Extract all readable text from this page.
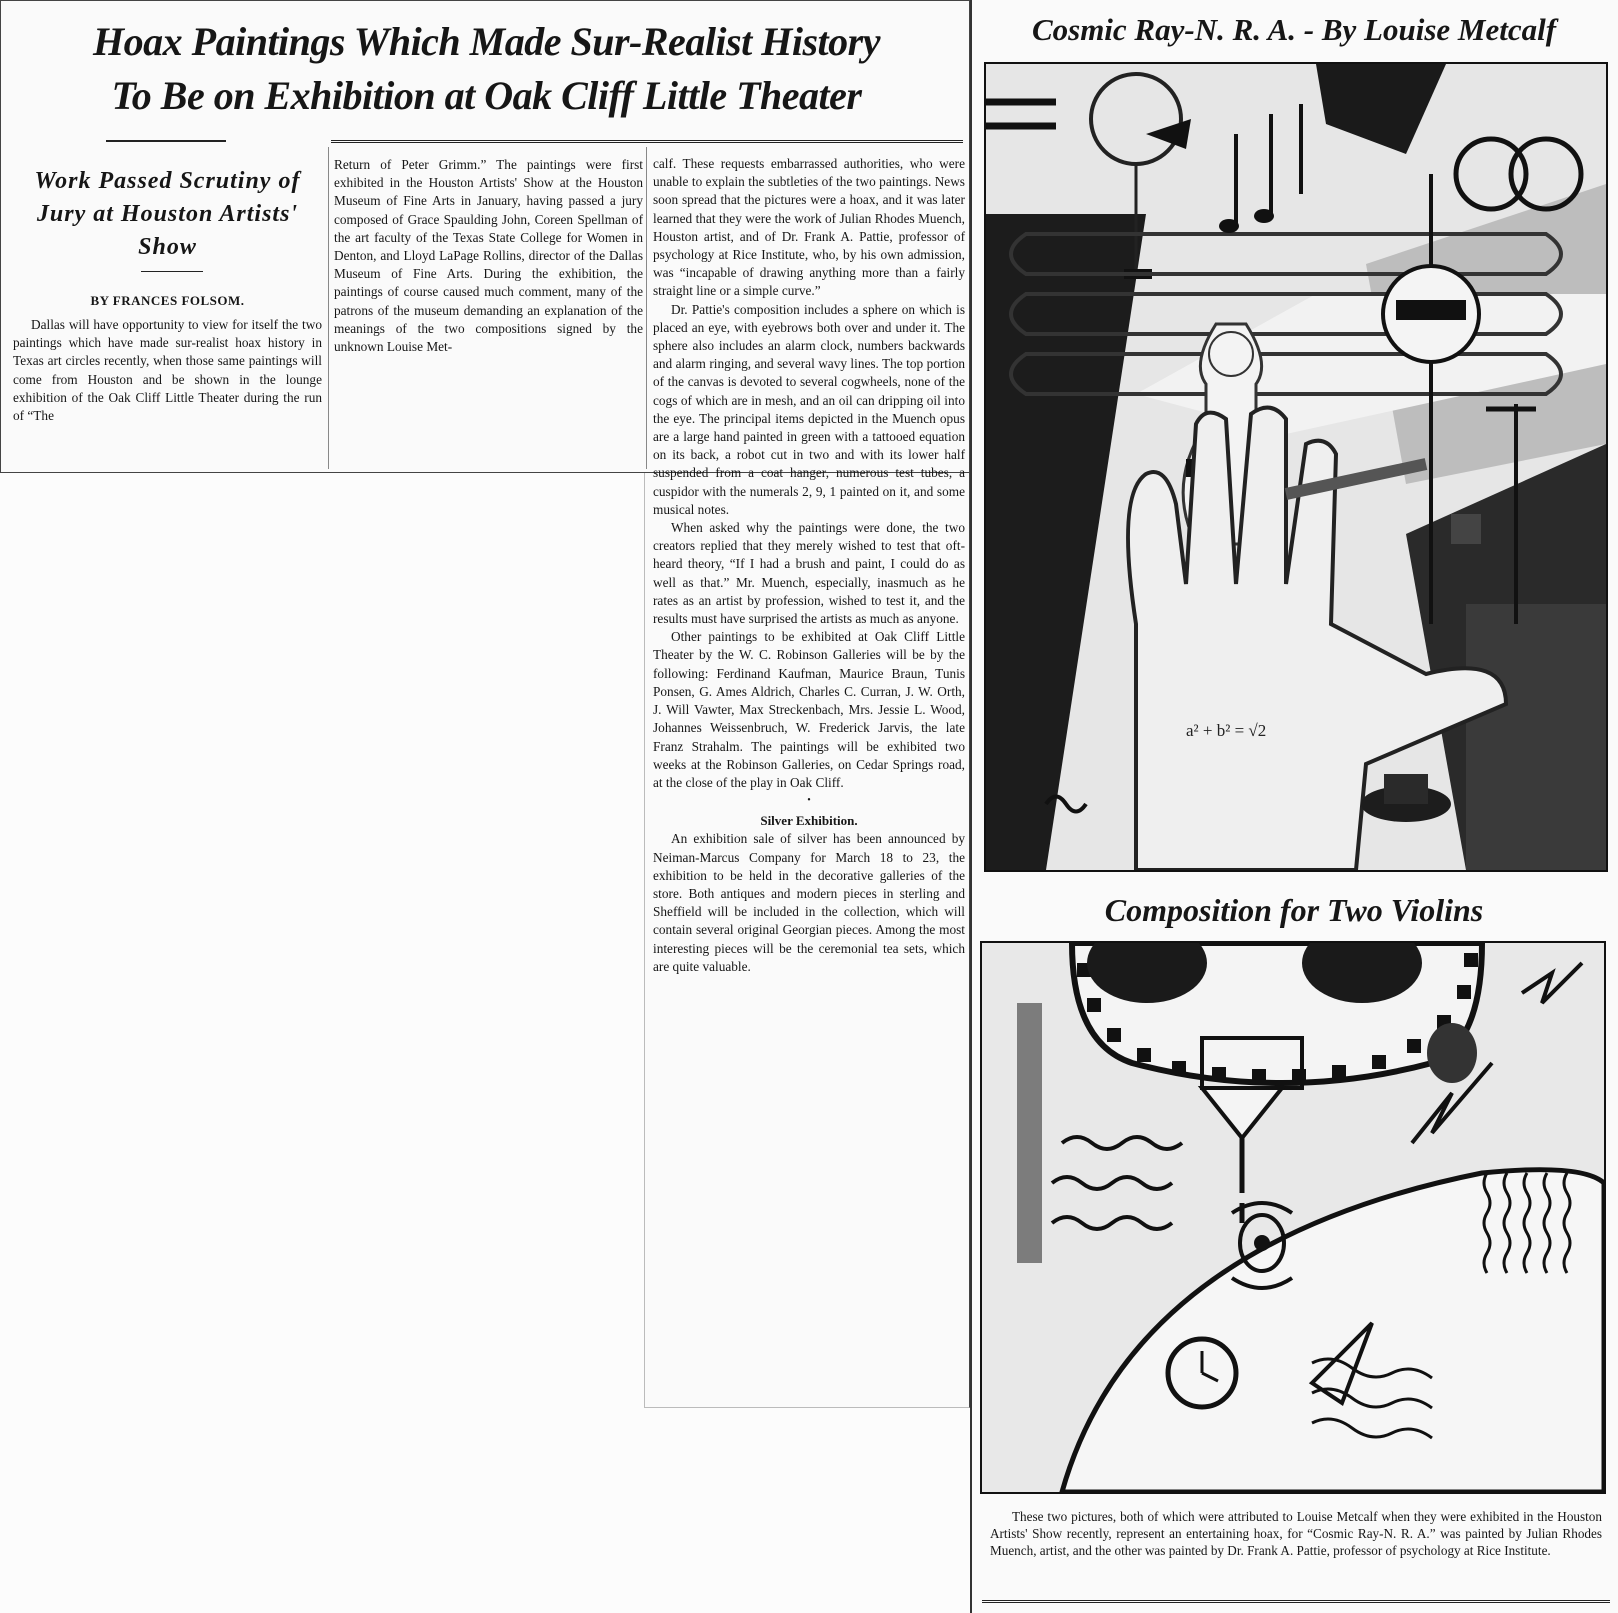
Hoax Paintings Which Made Sur-Realist History
To Be on Exhibition at Oak Cliff Little Theater
Work Passed Scrutiny of Jury at Houston Artists' Show
BY FRANCES FOLSOM.

Dallas will have opportunity to view for itself the two paintings which have made sur-realist hoax history in Texas art circles recently, when those same paintings will come from Houston and be shown in the lounge exhibition of the Oak Cliff Little Theater during the run of “The

Return of Peter Grimm.” The paintings were first exhibited in the Houston Artists' Show at the Houston Museum of Fine Arts in January, having passed a jury composed of Grace Spaulding John, Coreen Spellman of the art faculty of the Texas State College for Women in Denton, and Lloyd LaPage Rollins, director of the Dallas Museum of Fine Arts. During the exhibition, the paintings of course caused much comment, many of the patrons of the museum demanding an explanation of the meanings of the two compositions signed by the unknown Louise Met-

calf. These requests embarrassed authorities, who were unable to explain the subtleties of the two paintings. News soon spread that the pictures were a hoax, and it was later learned that they were the work of Julian Rhodes Muench, Houston artist, and of Dr. Frank A. Pattie, professor of psychology at Rice Institute, who, by his own admission, was “incapable of drawing anything more than a fairly straight line or a simple curve.”

Dr. Pattie's composition includes a sphere on which is placed an eye, with eyebrows both over and under it. The sphere also includes an alarm clock, numbers backwards and alarm ringing, and several wavy lines. The top portion of the canvas is devoted to several cogwheels, none of the cogs of which are in mesh, and an oil can dripping oil into the eye. The principal items depicted in the Muench opus are a large hand painted in green with a tattooed equation on its back, a robot cut in two and with its lower half suspended from a coat hanger, numerous test tubes, a cuspidor with the numerals 2, 9, 1 painted on it, and some musical notes.

When asked why the paintings were done, the two creators replied that they merely wished to test that oft-heard theory, “If I had a brush and paint, I could do as well as that.” Mr. Muench, especially, inasmuch as he rates as an artist by profession, wished to test it, and the results must have surprised the artists as much as anyone.

Other paintings to be exhibited at Oak Cliff Little Theater by the W. C. Robinson Galleries will be by the following: Ferdinand Kaufman, Maurice Braun, Tunis Ponsen, G. Ames Aldrich, Charles C. Curran, J. W. Orth, J. Will Vawter, Max Streckenbach, Mrs. Jessie L. Wood, Johannes Weissenbruch, W. Frederick Jarvis, the late Franz Strahalm. The paintings will be exhibited two weeks at the Robinson Galleries, on Cedar Springs road, at the close of the play in Oak Cliff.

•

Silver Exhibition.

An exhibition sale of silver has been announced by Neiman-Marcus Company for March 18 to 23, the exhibition to be held in the decorative galleries of the store. Both antiques and modern pieces in sterling and Sheffield will be included in the collection, which will contain several original Georgian pieces. Among the most interesting pieces will be the ceremonial tea sets, which are quite valuable.

Cosmic Ray-N. R. A. - By Louise Metcalf
a² + b² = √2
Composition for Two Violins

These two pictures, both of which were attributed to Louise Metcalf when they were exhibited in the Houston Artists' Show recently, represent an entertaining hoax, for “Cosmic Ray-N. R. A.” was painted by Julian Rhodes Muench, artist, and the other was painted by Dr. Frank A. Pattie, professor of psychology at Rice Institute.
